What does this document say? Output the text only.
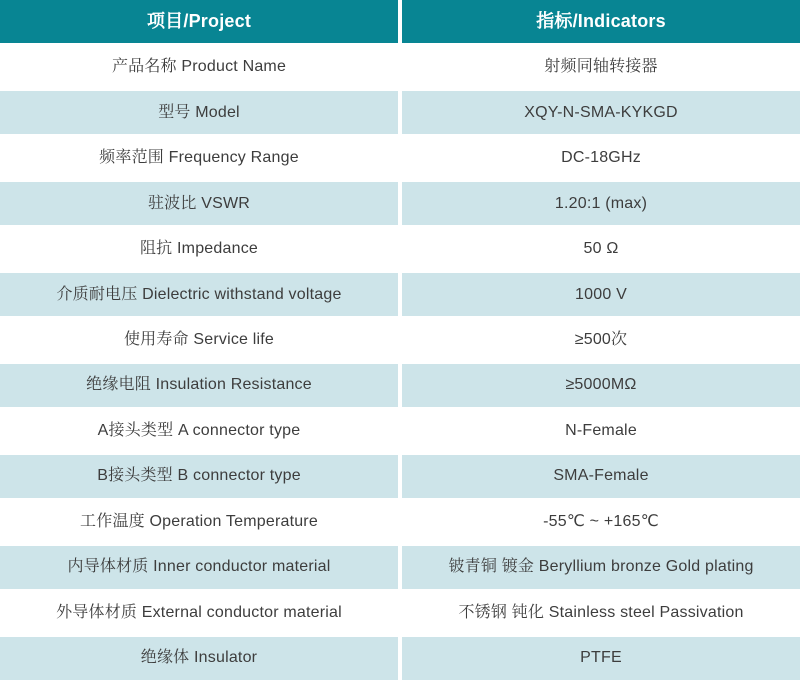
项目/Project	指标/Indicators
产品名称 Product Name	射频同轴转接器
型号 Model	XQY-N-SMA-KYKGD
频率范围 Frequency Range	DC-18GHz
驻波比 VSWR	1.20:1 (max)
阻抗 Impedance	50 Ω
介质耐电压 Dielectric withstand voltage	1000 V
使用寿命 Service life	≥500次
绝缘电阻 Insulation Resistance	≥5000MΩ
A接头类型 A connector type	N-Female
B接头类型 B connector type	SMA-Female
工作温度 Operation Temperature	-55℃ ~ +165℃
内导体材质 Inner conductor material	铍青铜 镀金 Beryllium bronze Gold plating
外导体材质 External conductor material	不锈钢 钝化 Stainless steel Passivation
绝缘体 Insulator	PTFE
